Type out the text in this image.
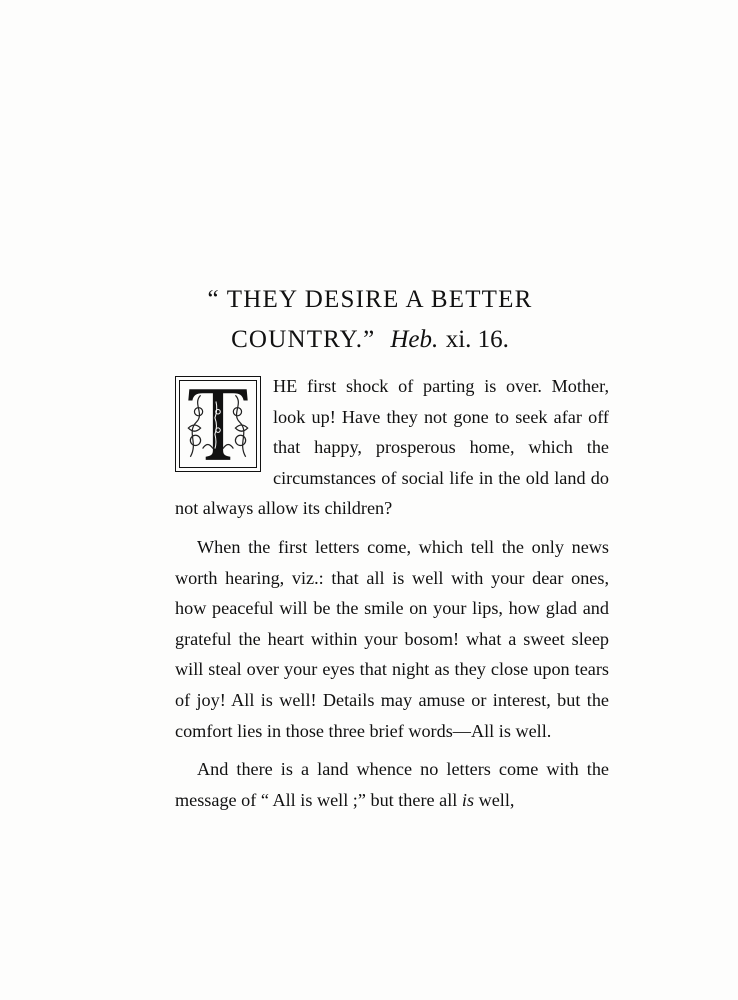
“ THEY DESIRE A BETTER
COUNTRY.” Heb. xi. 16.

HE first shock of parting is over. Mother, look up! Have they not gone to seek afar off that happy, prosperous home, which the circumstances of social life in the old land do not always allow its children?

When the first letters come, which tell the only news worth hearing, viz.: that all is well with your dear ones, how peaceful will be the smile on your lips, how glad and grateful the heart within your bosom! what a sweet sleep will steal over your eyes that night as they close upon tears of joy! All is well! Details may amuse or interest, but the comfort lies in those three brief words—All is well.

And there is a land whence no letters come with the message of “ All is well ;” but there all is well,
